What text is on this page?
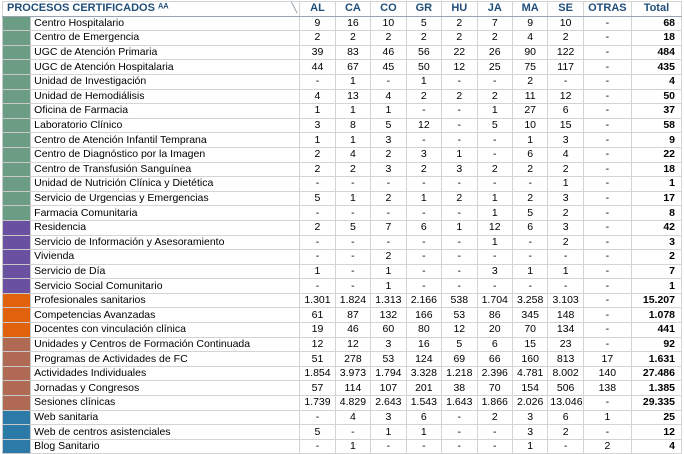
PROCESOS CERTIFICADOS ᴬᴬ ╲		AL	CA	CO	GR	HU	JA	MA	SE	OTRAS	Total
	Centro Hospitalario	9	16	10	5	2	7	9	10	-	68
	Centro de Emergencia	2	2	2	2	2	2	4	2	-	18
	UGC de Atención Primaria	39	83	46	56	22	26	90	122	-	484
	UGC de Atención Hospitalaria	44	67	45	50	12	25	75	117	-	435
	Unidad de Investigación	-	1	-	1	-	-	2	-	-	4
	Unidad de Hemodiálisis	4	13	4	2	2	2	11	12	-	50
	Oficina de Farmacia	1	1	1	-	-	1	27	6	-	37
	Laboratorio Clínico	3	8	5	12	-	5	10	15	-	58
	Centro de Atención Infantil Temprana	1	1	3	-	-	-	1	3	-	9
	Centro de Diagnóstico por la Imagen	2	4	2	3	1	-	6	4	-	22
	Centro de Transfusión Sanguínea	2	2	3	2	3	2	2	2	-	18
	Unidad de Nutrición Clínica y Dietética	-	-	-	-	-	-	-	1	-	1
	Servicio de Urgencias y Emergencias	5	1	2	1	2	1	2	3	-	17
	Farmacia Comunitaria	-	-	-	-	-	1	5	2	-	8
	Residencia	2	5	7	6	1	12	6	3	-	42
	Servicio de Información y Asesoramiento	-	-	-	-	-	1	-	2	-	3
	Vivienda	-	-	2	-	-	-	-	-	-	2
	Servicio de Día	1	-	1	-	-	3	1	1	-	7
	Servicio Social Comunitario	-	-	1	-	-	-	-	-	-	1
	Profesionales sanitarios	1.301	1.824	1.313	2.166	538	1.704	3.258	3.103	-	15.207
	Competencias Avanzadas	61	87	132	166	53	86	345	148	-	1.078
	Docentes con vinculación clínica	19	46	60	80	12	20	70	134	-	441
	Unidades y Centros de Formación Continuada	12	12	3	16	5	6	15	23	-	92
	Programas de Actividades de FC	51	278	53	124	69	66	160	813	17	1.631
	Actividades Individuales	1.854	3.973	1.794	3.328	1.218	2.396	4.781	8.002	140	27.486
	Jornadas y Congresos	57	114	107	201	38	70	154	506	138	1.385
	Sesiones clínicas	1.739	4.829	2.643	1.543	1.643	1.866	2.026	13.046	-	29.335
	Web sanitaria	-	4	3	6	-	2	3	6	1	25
	Web de centros asistenciales	5	-	1	1	-	-	3	2	-	12
	Blog Sanitario	-	1	-	-	-	-	1	-	2	4
